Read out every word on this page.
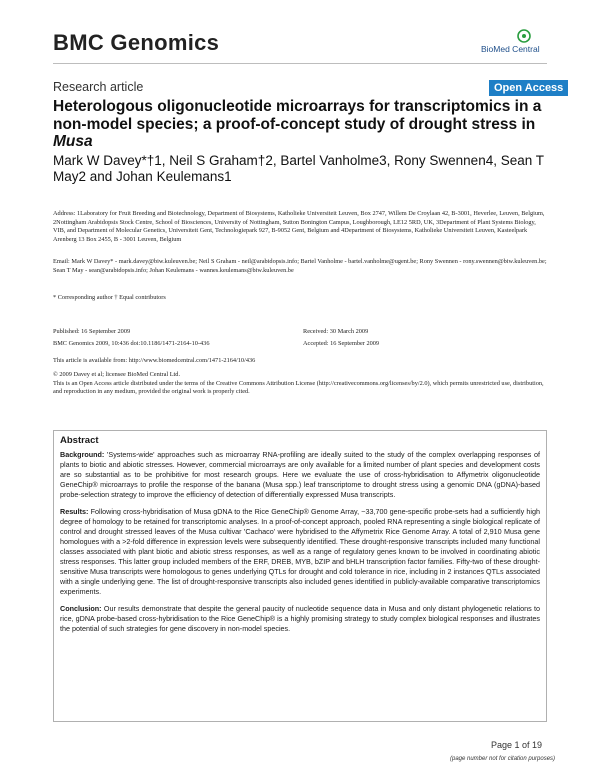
BMC Genomics	BioMed Central
Research article	Open Access
Heterologous oligonucleotide microarrays for transcriptomics in a non-model species; a proof-of-concept study of drought stress in Musa
Mark W Davey*†1, Neil S Graham†2, Bartel Vanholme3, Rony Swennen4, Sean T May2 and Johan Keulemans1
Address: 1Laboratory for Fruit Breeding and Biotechnology, Department of Biosystems, Katholieke Universiteit Leuven, Box 2747, Willem De Croylaan 42, B-3001, Heverlee, Leuven, Belgium, 2Nottingham Arabidopsis Stock Centre, School of Biosciences, University of Nottingham, Sutton Bonington Campus, Loughborough, LE12 5RD, UK, 3Department of Plant Systems Biology, VIB, and Department of Molecular Genetics, Universiteit Gent, Technologiepark 927, B-9052 Gent, Belgium and 4Department of Biosystems, Katholieke Universiteit Leuven, Kasteelpark Arenberg 13 Box 2455, B - 3001 Leuven, Belgium
Email: Mark W Davey* - mark.davey@biw.kuleuven.be; Neil S Graham - neil@arabidopsis.info; Bartel Vanholme - bartel.vanholme@ugent.be; Rony Swennen - rony.swennen@biw.kuleuven.be; Sean T May - sean@arabidopsis.info; Johan Keulemans - wannes.keulemans@biw.kuleuven.be
* Corresponding author † Equal contributors
Published: 16 September 2009
BMC Genomics 2009, 10:436 doi:10.1186/1471-2164-10-436
Received: 30 March 2009
Accepted: 16 September 2009
This article is available from: http://www.biomedcentral.com/1471-2164/10/436
© 2009 Davey et al; licensee BioMed Central Ltd.
This is an Open Access article distributed under the terms of the Creative Commons Attribution License (http://creativecommons.org/licenses/by/2.0), which permits unrestricted use, distribution, and reproduction in any medium, provided the original work is properly cited.
Abstract

Background: 'Systems-wide' approaches such as microarray RNA-profiling are ideally suited to the study of the complex overlapping responses of plants to biotic and abiotic stresses. However, commercial microarrays are only available for a limited number of plant species and development costs are so substantial as to be prohibitive for most research groups. Here we evaluate the use of cross-hybridisation to Affymetrix oligonucleotide GeneChip® microarrays to profile the response of the banana (Musa spp.) leaf transcriptome to drought stress using a genomic DNA (gDNA)-based probe-selection strategy to improve the efficiency of detection of differentially expressed Musa transcripts.

Results: Following cross-hybridisation of Musa gDNA to the Rice GeneChip® Genome Array, ~33,700 gene-specific probe-sets had a sufficiently high degree of homology to be retained for transcriptomic analyses. In a proof-of-concept approach, pooled RNA representing a single biological replicate of control and drought stressed leaves of the Musa cultivar 'Cachaco' were hybridised to the Affymetrix Rice Genome Array. A total of 2,910 Musa gene homologues with a >2-fold difference in expression levels were subsequently identified. These drought-responsive transcripts included many functional classes associated with plant biotic and abiotic stress responses, as well as a range of regulatory genes known to be involved in coordinating abiotic stress responses. This latter group included members of the ERF, DREB, MYB, bZIP and bHLH transcription factor families. Fifty-two of these drought-sensitive Musa transcripts were homologous to genes underlying QTLs for drought and cold tolerance in rice, including in 2 instances QTLs associated with a single underlying gene. The list of drought-responsive transcripts also included genes identified in publicly-available comparative transcriptomics experiments.

Conclusion: Our results demonstrate that despite the general paucity of nucleotide sequence data in Musa and only distant phylogenetic relations to rice, gDNA probe-based cross-hybridisation to the Rice GeneChip® is a highly promising strategy to study complex biological responses and illustrates the potential of such strategies for gene discovery in non-model species.

Page 1 of 19
(page number not for citation purposes)
